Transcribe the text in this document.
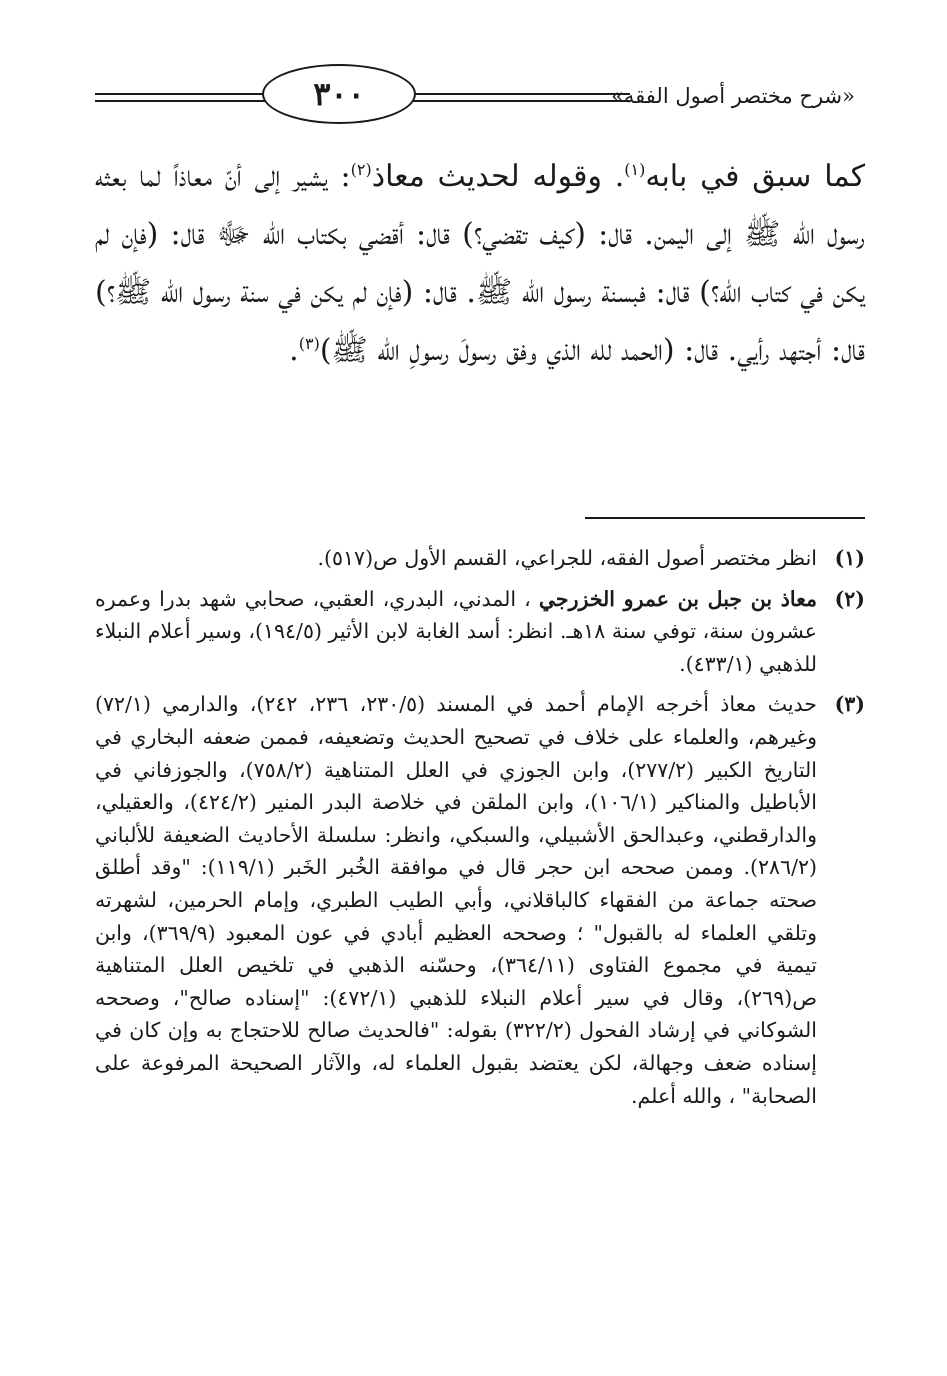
«شرح مختصر أصول الفقه»
٣٠٠

كما سبق في بابه$^{(١)}$. وقوله لحديث معاذ$^{(٢)}$: يشير إلى أنّ معاذاً لما بعثه رسول الله ﷺ إلى اليمن. قال: (كيف تقضي؟) قال: أقضي بكتاب الله ﷻ قال: (فإن لم يكن في كتاب الله؟) قال: فبسنة رسول الله ﷺ. قال: (فإن لم يكن في سنة رسول الله ﷺ؟) قال: أجتهد رأيي. قال: (الحمد لله الذي وفق رسولَ رسولِ الله ﷺ)$^{(٣)}$.

(١)
انظر مختصر أصول الفقه، للجراعي، القسم الأول ص(٥١٧).
(٢)
معاذ بن جبل بن عمرو الخزرجي ، المدني، البدري، العقبي، صحابي شهد بدرا وعمره عشرون سنة، توفي سنة ١٨هـ. انظر: أسد الغابة لابن الأثير (١٩٤/٥)، وسير أعلام النبلاء للذهبي (٤٣٣/١).
(٣)
حديث معاذ أخرجه الإمام أحمد في المسند (٢٣٠/٥، ٢٣٦، ٢٤٢)، والدارمي (٧٢/١) وغيرهم، والعلماء على خلاف في تصحيح الحديث وتضعيفه، فممن ضعفه البخاري في التاريخ الكبير (٢٧٧/٢)، وابن الجوزي في العلل المتناهية (٧٥٨/٢)، والجوزفاني في الأباطيل والمناكير (١٠٦/١)، وابن الملقن في خلاصة البدر المنير (٤٢٤/٢)، والعقيلي، والدارقطني، وعبدالحق الأشبيلي، والسبكي، وانظر: سلسلة الأحاديث الضعيفة للألباني (٢٨٦/٢). وممن صححه ابن حجر قال في موافقة الخُبر الخَبر (١١٩/١): "وقد أطلق صحته جماعة من الفقهاء كالباقلاني، وأبي الطيب الطبري، وإمام الحرمين، لشهرته وتلقي العلماء له بالقبول" ؛ وصححه العظيم أبادي في عون المعبود (٣٦٩/٩)، وابن تيمية في مجموع الفتاوى (٣٦٤/١١)، وحسّنه الذهبي في تلخيص العلل المتناهية ص(٢٦٩)، وقال في سير أعلام النبلاء للذهبي (٤٧٢/١): "إسناده صالح"، وصححه الشوكاني في إرشاد الفحول (٣٢٢/٢) بقوله: "فالحديث صالح للاحتجاج به وإن كان في إسناده ضعف وجهالة، لكن يعتضد بقبول العلماء له، والآثار الصحيحة المرفوعة على الصحابة" ، والله أعلم.
